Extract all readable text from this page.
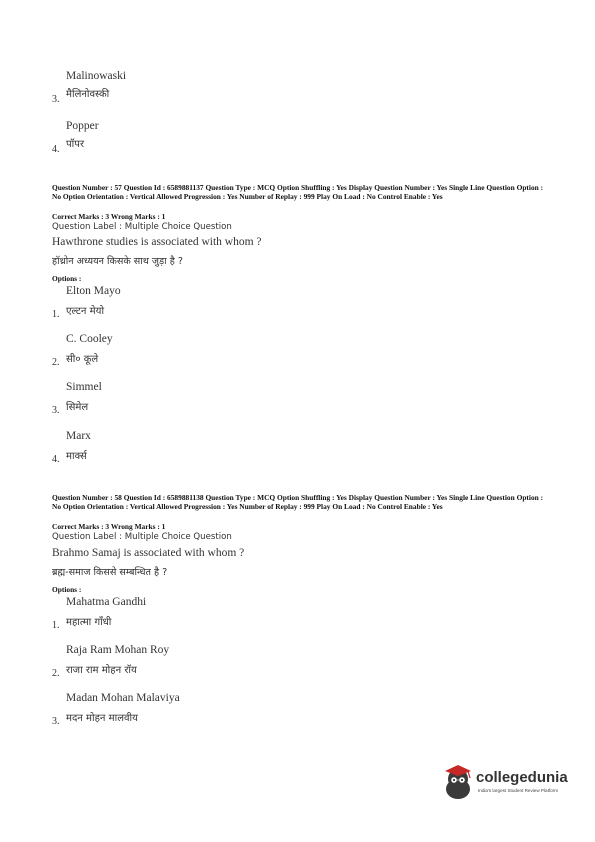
Malinowaski
3. मैलिनोवस्की
Popper
4. पॉपर
Question Number : 57 Question Id : 6589881137 Question Type : MCQ Option Shuffling : Yes Display Question Number : Yes Single Line Question Option : No Option Orientation : Vertical Allowed Progression : Yes Number of Replay : 999 Play On Load : No Control Enable : Yes
Correct Marks : 3 Wrong Marks : 1
Question Label : Multiple Choice Question
Hawthrone studies is associated with whom ?
हॉथ्रोन अध्ययन किसके साथ जुड़ा है ?
Options :
Elton Mayo
1. एल्टन मेयो
C. Cooley
2. सी० कूले
Simmel
3. सिमेल
Marx
4. मार्क्स
Question Number : 58 Question Id : 6589881138 Question Type : MCQ Option Shuffling : Yes Display Question Number : Yes Single Line Question Option : No Option Orientation : Vertical Allowed Progression : Yes Number of Replay : 999 Play On Load : No Control Enable : Yes
Correct Marks : 3 Wrong Marks : 1
Question Label : Multiple Choice Question
Brahmo Samaj is associated with whom ?
ब्रह्म-समाज किससे सम्बन्धित है ?
Options :
Mahatma Gandhi
1. महात्मा गाँधी
Raja Ram Mohan Roy
2. राजा राम मोहन रॉय
Madan Mohan Malaviya
3. मदन मोहन मालवीय
collegedunia
India's largest Student Review Platform
